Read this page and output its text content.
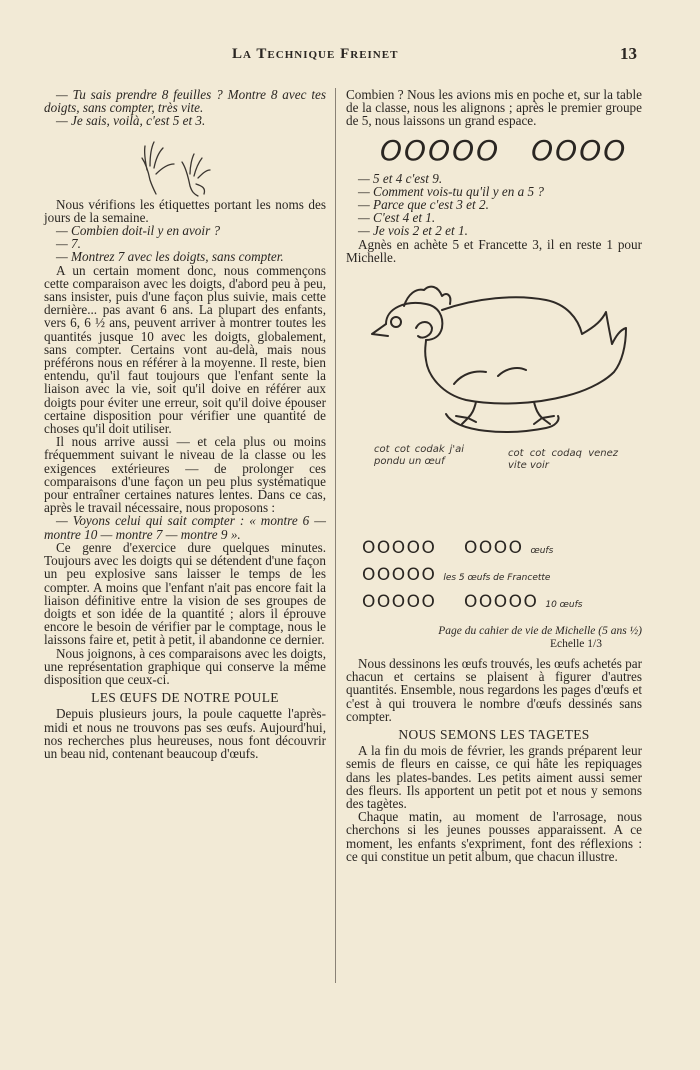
La Technique Freinet	13

— Tu sais prendre 8 feuilles ? Montre 8 avec tes doigts, sans compter, très vite.

— Je sais, voilà, c'est 5 et 3.

Nous vérifions les étiquettes portant les noms des jours de la semaine.

— Combien doit-il y en avoir ?

— 7.

— Montrez 7 avec les doigts, sans compter.

A un certain moment donc, nous commençons cette comparaison avec les doigts, d'abord peu à peu, sans insister, puis d'une façon plus suivie, mais cette dernière... pas avant 6 ans. La plupart des enfants, vers 6, 6 ½ ans, peuvent arriver à montrer toutes les quantités jusque 10 avec les doigts, globalement, sans compter. Certains vont au-delà, mais nous préférons nous en référer à la moyenne. Il reste, bien entendu, qu'il faut toujours que l'enfant sente la liaison avec la vie, soit qu'il doive en référer aux doigts pour éviter une erreur, soit qu'il doive épouser certaine disposition pour vérifier une quantité de choses qu'il doit utiliser.

Il nous arrive aussi — et cela plus ou moins fréquemment suivant le niveau de la classe ou les exigences extérieures — de prolonger ces comparaisons d'une façon un peu plus systématique pour entraîner certaines natures lentes. Dans ce cas, après le travail nécessaire, nous proposons :

— Voyons celui qui sait compter : « montre 6 — montre 10 — montre 7 — montre 9 ».

Ce genre d'exercice dure quelques minutes. Toujours avec les doigts qui se détendent d'une façon un peu explosive sans laisser le temps de les compter. A moins que l'enfant n'ait pas encore fait la liaison définitive entre la vision de ses groupes de doigts et son idée de la quantité ; alors il éprouve encore le besoin de vérifier par le comptage, nous le laissons faire et, petit à petit, il abandonne ce dernier.

Nous joignons, à ces comparaisons avec les doigts, une représentation graphique qui conserve la même disposition que ceux-ci.

LES ŒUFS DE NOTRE POULE

Depuis plusieurs jours, la poule caquette l'après-midi et nous ne trouvons pas ses œufs. Aujourd'hui, nos recherches plus heureuses, nous font découvrir un beau nid, contenant beaucoup d'œufs.

Combien ? Nous les avions mis en poche et, sur la table de la classe, nous les alignons ; après le premier groupe de 5, nous laissons un grand espace.

OOOOO OOOO

— 5 et 4 c'est 9.

— Comment vois-tu qu'il y en a 5 ?

— Parce que c'est 3 et 2.

— C'est 4 et 1.

— Je vois 2 et 2 et 1.

Agnès en achète 5 et Francette 3, il en reste 1 pour Michelle.

cot cot codak j'ai pondu un œuf
cot cot codaq venez vite voir
OOOOO OOOO œufs
OOOOO les 5 œufs de Francette
OOOOO OOOOO 10 œufs

Page du cahier de vie de Michelle (5 ans ½)

Echelle 1/3

Nous dessinons les œufs trouvés, les œufs achetés par chacun et certains se plaisent à figurer d'autres quantités. Ensemble, nous regardons les pages d'œufs et c'est à qui trouvera le nombre d'œufs dessinés sans compter.

NOUS SEMONS LES TAGETES

A la fin du mois de février, les grands préparent leur semis de fleurs en caisse, ce qui hâte les repiquages dans les plates-bandes. Les petits aiment aussi semer des fleurs. Ils apportent un petit pot et nous y semons des tagètes.

Chaque matin, au moment de l'arrosage, nous cherchons si les jeunes pousses apparaissent. A ce moment, les enfants s'expriment, font des réflexions : ce qui constitue un petit album, que chacun illustre.
